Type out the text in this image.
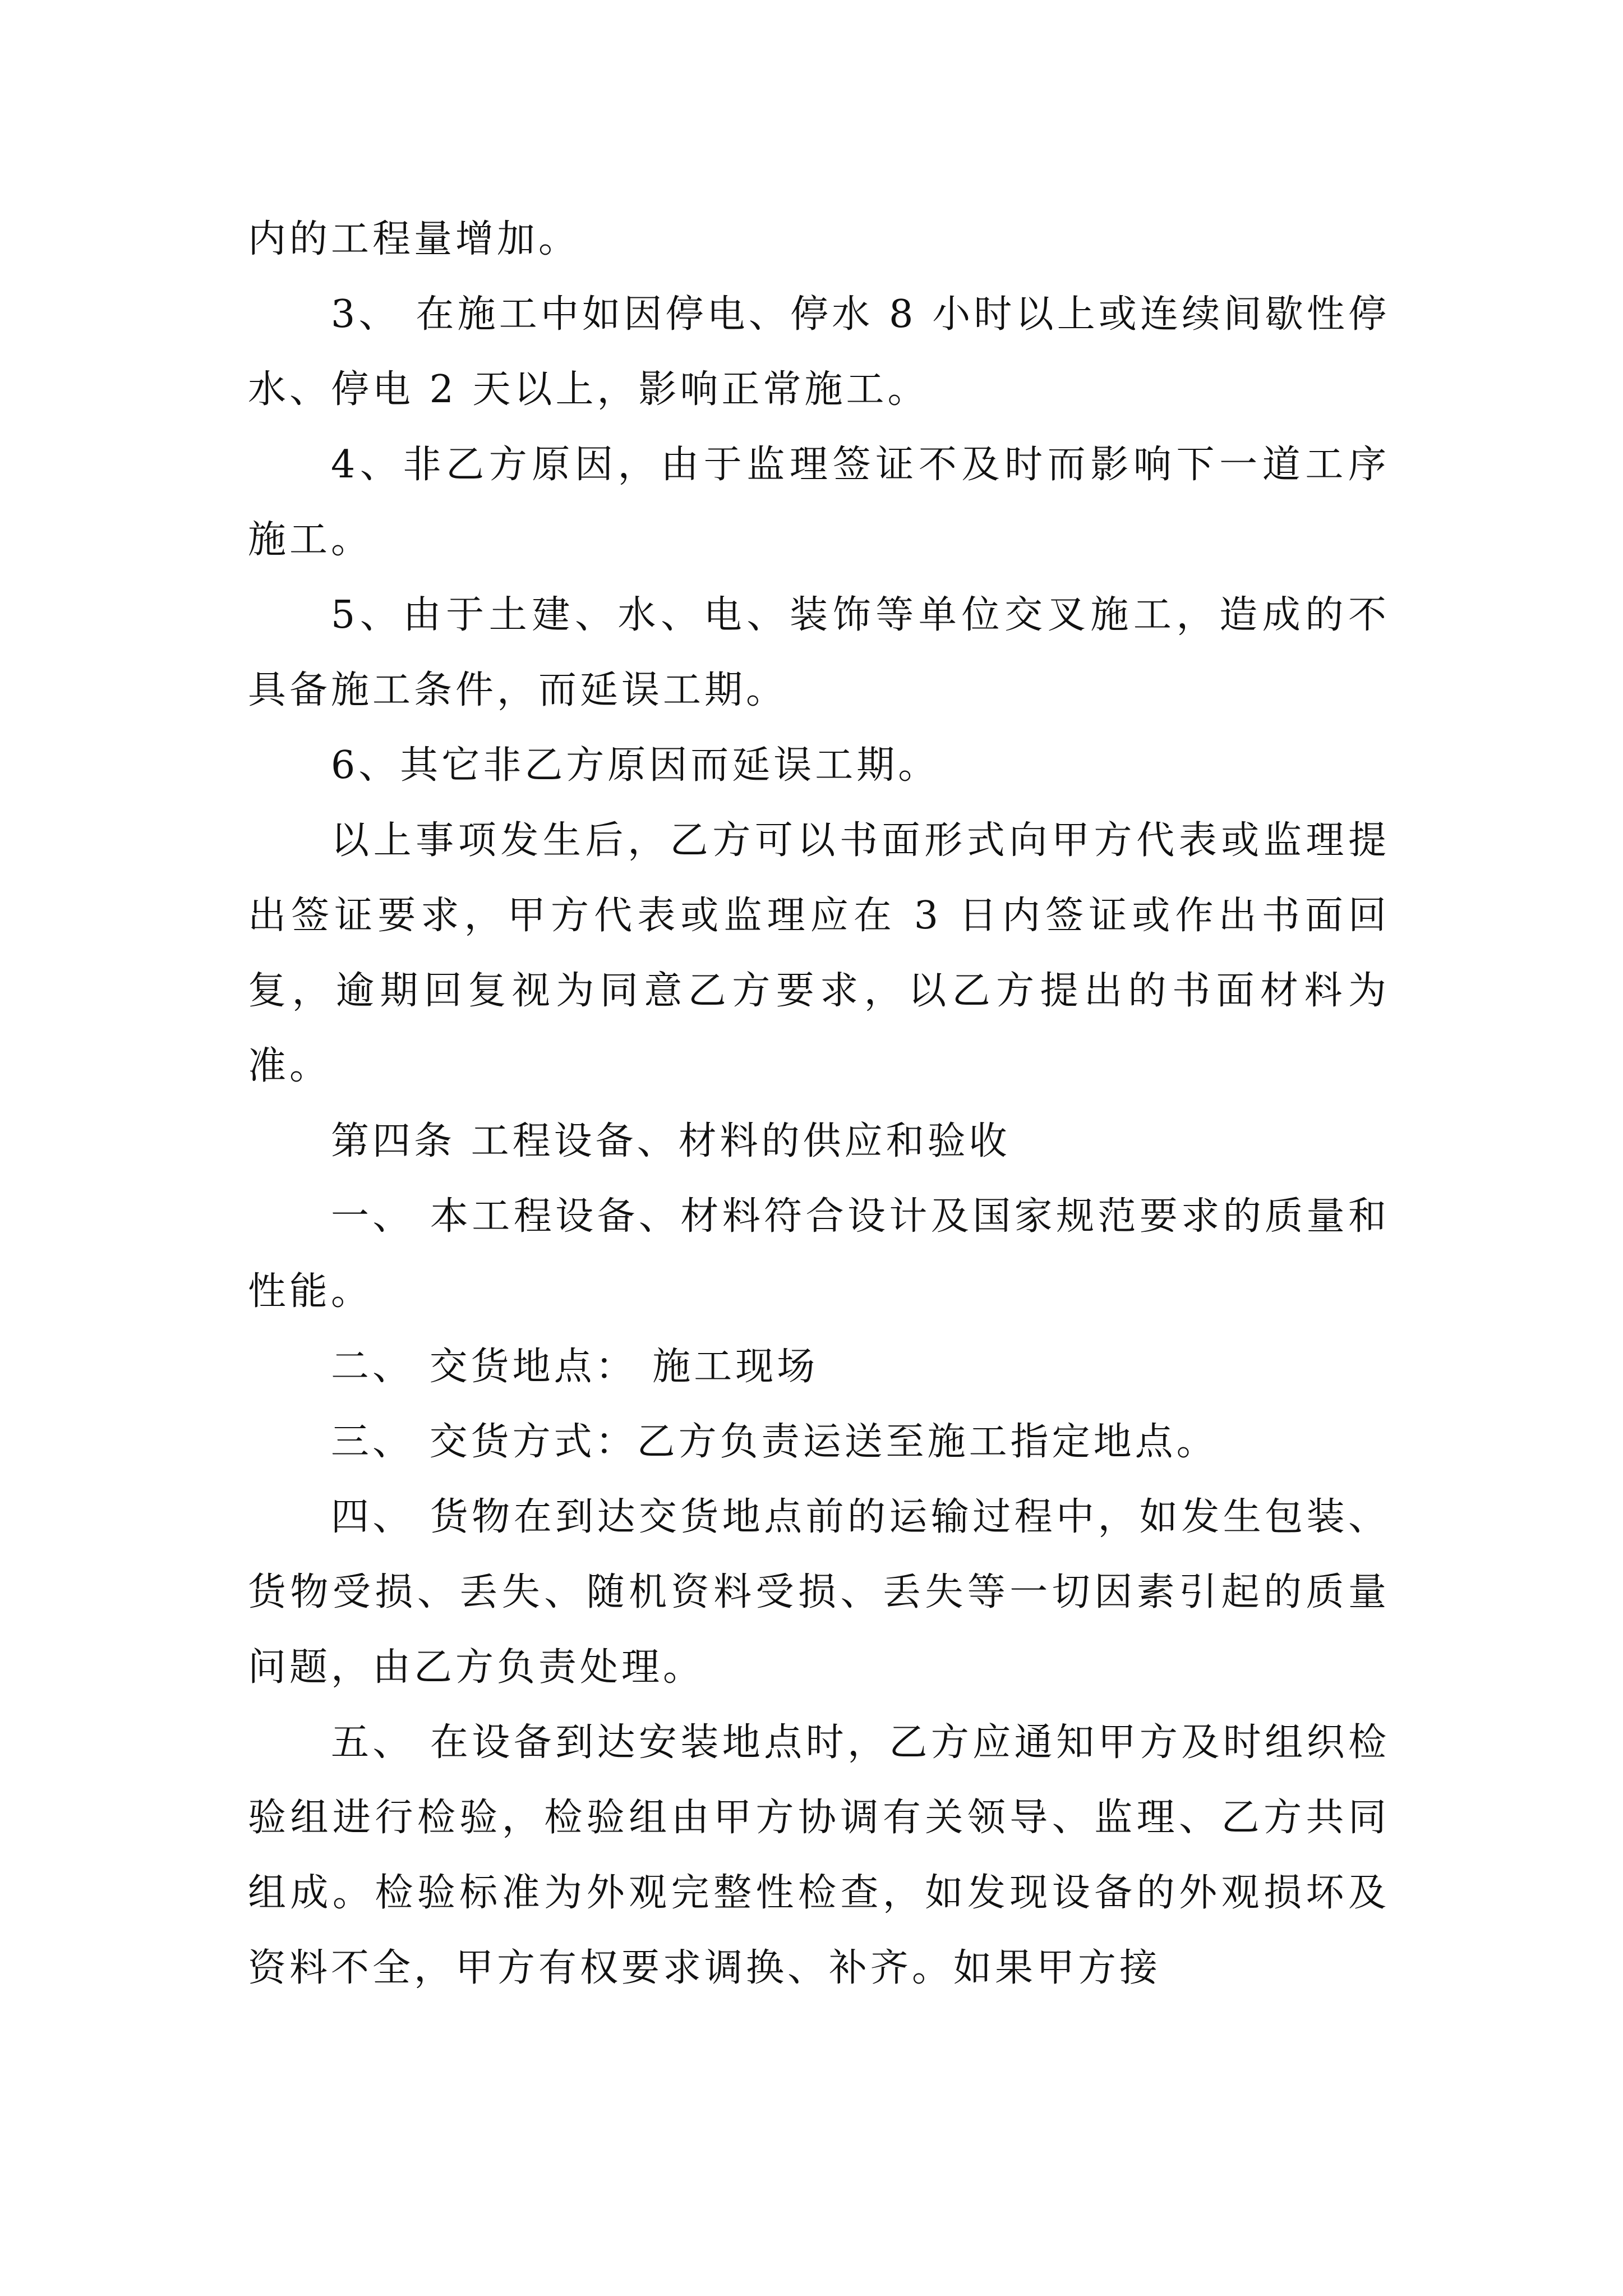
内的工程量增加。

3、 在施工中如因停电、停水 8 小时以上或连续间歇性停水、停电 2 天以上，影响正常施工。

4、非乙方原因，由于监理签证不及时而影响下一道工序施工。

5、由于土建、水、电、装饰等单位交叉施工，造成的不具备施工条件，而延误工期。

6、其它非乙方原因而延误工期。

以上事项发生后，乙方可以书面形式向甲方代表或监理提出签证要求，甲方代表或监理应在 3 日内签证或作出书面回复，逾期回复视为同意乙方要求，以乙方提出的书面材料为准。

第四条 工程设备、材料的供应和验收

一、 本工程设备、材料符合设计及国家规范要求的质量和性能。

二、 交货地点： 施工现场

三、 交货方式：乙方负责运送至施工指定地点。

四、 货物在到达交货地点前的运输过程中，如发生包装、货物受损、丢失、随机资料受损、丢失等一切因素引起的质量问题，由乙方负责处理。

五、 在设备到达安装地点时，乙方应通知甲方及时组织检验组进行检验，检验组由甲方协调有关领导、监理、乙方共同组成。检验标准为外观完整性检查，如发现设备的外观损坏及资料不全，甲方有权要求调换、补齐。如果甲方接
